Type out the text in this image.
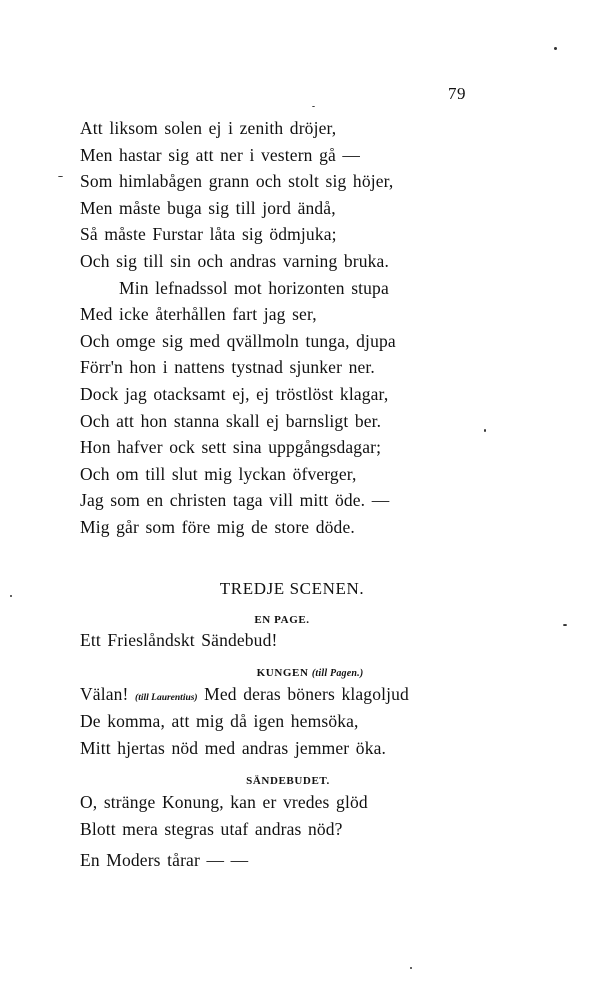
79
Att liksom solen ej i zenith dröjer,
Men hastar sig att ner i vestern gå —
Som himlabågen grann och stolt sig höjer,
Men måste buga sig till jord ändå,
Så måste Furstar låta sig ödmjuka;
Och sig till sin och andras varning bruka.
Min lefnadssol mot horizonten stupa
Med icke återhållen fart jag ser,
Och omge sig med qvällmoln tunga, djupa
Förr'n hon i nattens tystnad sjunker ner.
Dock jag otacksamt ej, ej tröstlöst klagar,
Och att hon stanna skall ej barnsligt ber.
Hon hafver ock sett sina uppgångsdagar;
Och om till slut mig lyckan öfverger,
Jag som en christen taga vill mitt öde. —
Mig går som före mig de store döde.
TREDJE SCENEN.
EN PAGE.
Ett Frieslåndskt Sändebud!
KUNGEN (till Pagen.)
Välan! (till Laurentius) Med deras böners klagoljud
De komma, att mig då igen hemsöka,
Mitt hjertas nöd med andras jemmer öka.
SÄNDEBUDET.
O, stränge Konung, kan er vredes glöd
Blott mera stegras utaf andras nöd?
En Moders tårar — —
